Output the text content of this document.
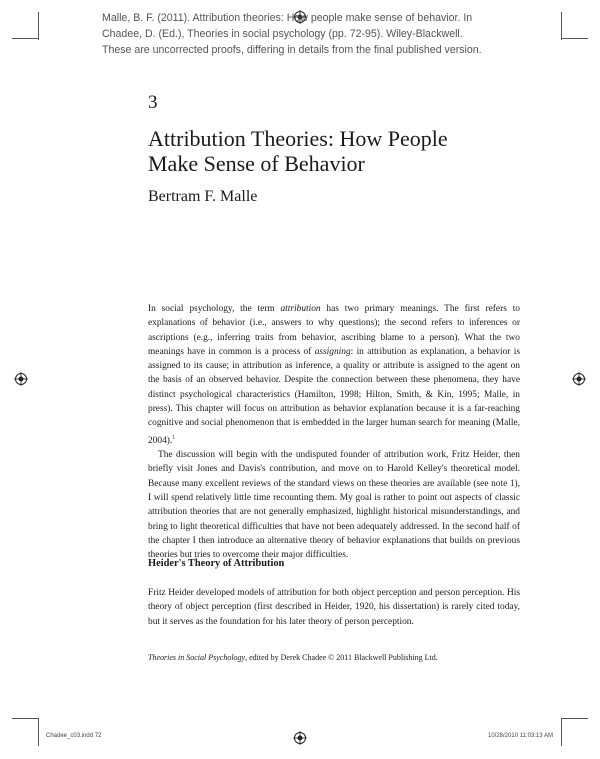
Malle, B. F. (2011). Attribution theories: How people make sense of behavior. In
Chadee, D. (Ed.), Theories in social psychology (pp. 72-95). Wiley-Blackwell.
These are uncorrected proofs, differing in details from the final published version.
3
Attribution Theories: How People
Make Sense of Behavior
Bertram F. Malle

In social psychology, the term attribution has two primary meanings. The first refers to explanations of behavior (i.e., answers to why questions); the second refers to inferences or ascriptions (e.g., inferring traits from behavior, ascribing blame to a person). What the two meanings have in common is a process of assigning: in attribution as explanation, a behavior is assigned to its cause; in attribution as inference, a quality or attribute is assigned to the agent on the basis of an observed behavior. Despite the connection between these phenomena, they have distinct psychological characteristics (Hamilton, 1998; Hilton, Smith, & Kin, 1995; Malle, in press). This chapter will focus on attribution as behavior explanation because it is a far-reaching cognitive and social phenomenon that is embedded in the larger human search for meaning (Malle, 2004).$^1$

The discussion will begin with the undisputed founder of attribution work, Fritz Heider, then briefly visit Jones and Davis's contribution, and move on to Harold Kelley's theoretical model. Because many excellent reviews of the standard views on these theories are available (see note 1), I will spend relatively little time recounting them. My goal is rather to point out aspects of classic attribution theories that are not generally emphasized, highlight historical misunderstandings, and bring to light theoretical difficulties that have not been adequately addressed. In the second half of the chapter I then introduce an alternative theory of behavior explanations that builds on previous theories but tries to overcome their major difficulties.

Heider's Theory of Attribution

Fritz Heider developed models of attribution for both object perception and person perception. His theory of object perception (first described in Heider, 1920, his dissertation) is rarely cited today, but it serves as the foundation for his later theory of person perception.

Theories in Social Psychology, edited by Derek Chadee © 2011 Blackwell Publishing Ltd.
Chadee_c03.indd 72	10/28/2010 11:03:13 AM
